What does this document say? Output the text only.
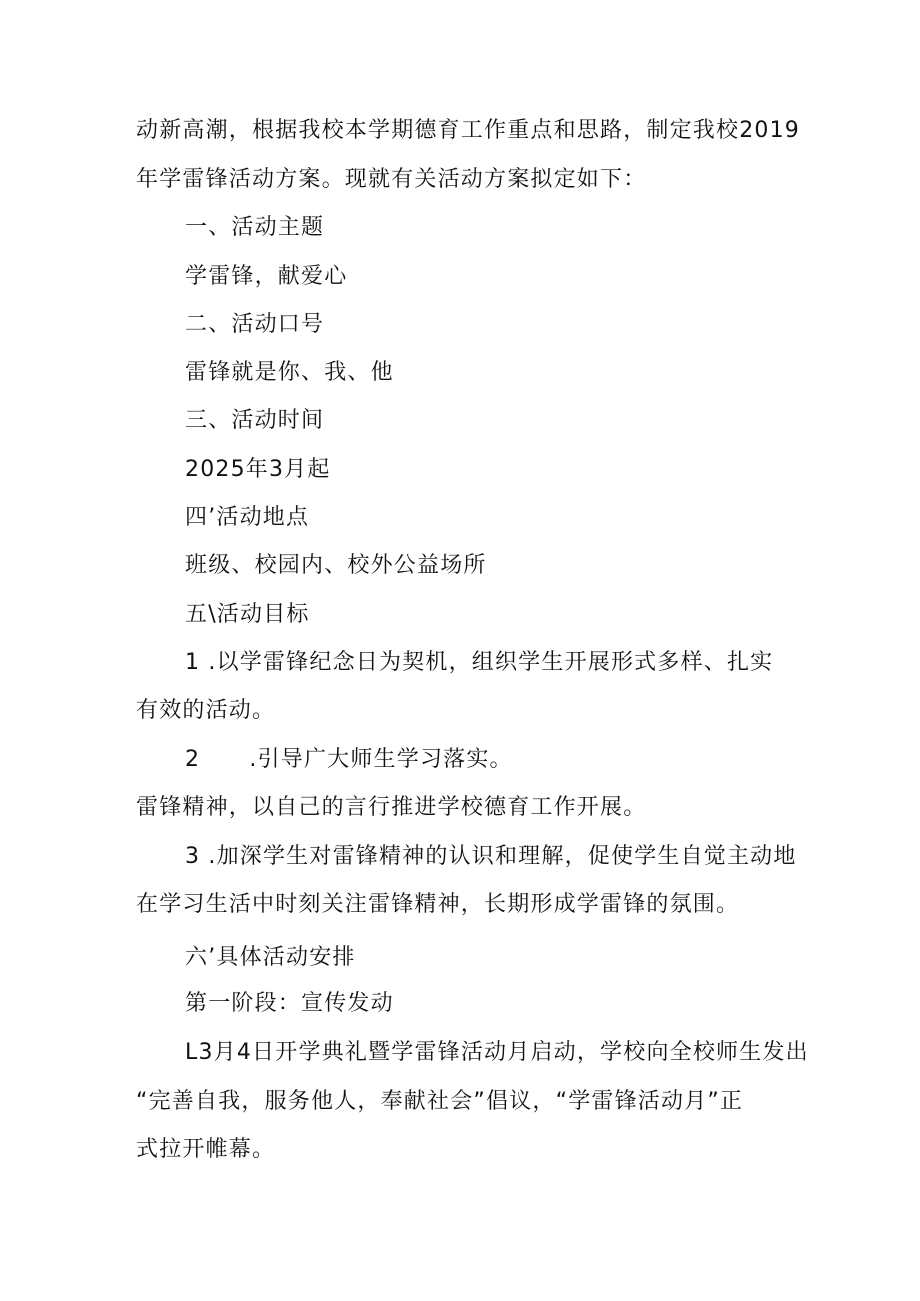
动新高潮，根据我校本学期德育工作重点和思路，制定我校2019
年学雷锋活动方案。现就有关活动方案拟定如下：
一、活动主题
学雷锋，献爱心
二、活动口号
雷锋就是你、我、他
三、活动时间
2025年3月起
四’活动地点
班级、校园内、校外公益场所
五\活动目标
1 .以学雷锋纪念日为契机，组织学生开展形式多样、扎实
有效的活动。
2      .引导广大师生学习落实。
雷锋精神，以自己的言行推进学校德育工作开展。
3 .加深学生对雷锋精神的认识和理解，促使学生自觉主动地
在学习生活中时刻关注雷锋精神，长期形成学雷锋的氛围。
六’具体活动安排
第一阶段：宣传发动
L3月4日开学典礼暨学雷锋活动月启动，学校向全校师生发出
“完善自我，服务他人，奉献社会”倡议，“学雷锋活动月”正
式拉开帷幕。
